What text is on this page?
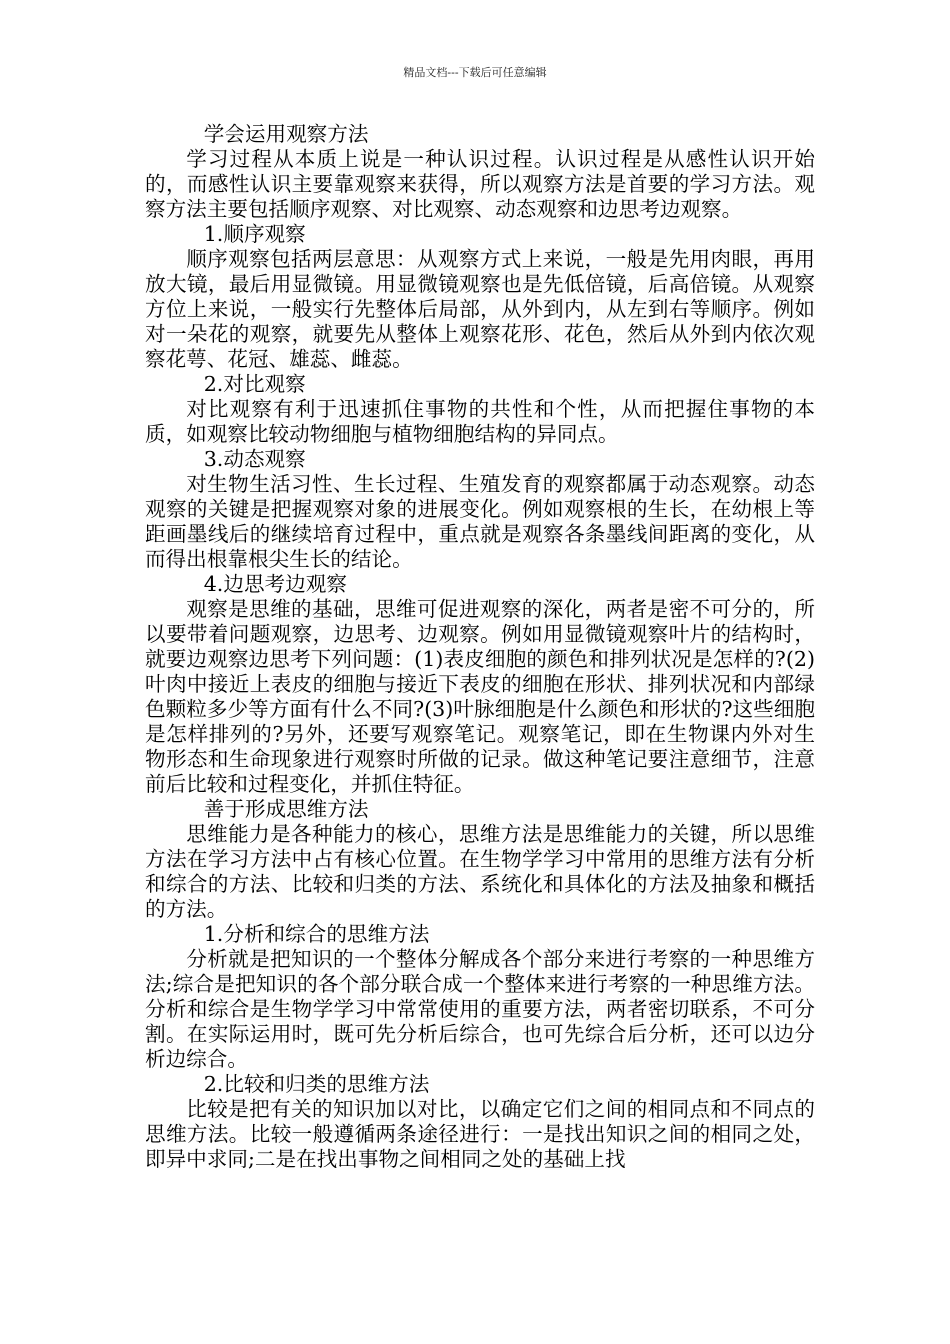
精品文档---下载后可任意编辑

学会运用观察方法

学习过程从本质上说是一种认识过程。认识过程是从感性认识开始的，而感性认识主要靠观察来获得，所以观察方法是首要的学习方法。观察方法主要包括顺序观察、对比观察、动态观察和边思考边观察。

1.顺序观察

顺序观察包括两层意思：从观察方式上来说，一般是先用肉眼，再用放大镜，最后用显微镜。用显微镜观察也是先低倍镜，后高倍镜。从观察方位上来说，一般实行先整体后局部，从外到内，从左到右等顺序。例如对一朵花的观察，就要先从整体上观察花形、花色，然后从外到内依次观察花萼、花冠、雄蕊、雌蕊。

2.对比观察

对比观察有利于迅速抓住事物的共性和个性，从而把握住事物的本质，如观察比较动物细胞与植物细胞结构的异同点。

3.动态观察

对生物生活习性、生长过程、生殖发育的观察都属于动态观察。动态观察的关键是把握观察对象的进展变化。例如观察根的生长，在幼根上等距画墨线后的继续培育过程中，重点就是观察各条墨线间距离的变化，从而得出根靠根尖生长的结论。

4.边思考边观察

观察是思维的基础，思维可促进观察的深化，两者是密不可分的，所以要带着问题观察，边思考、边观察。例如用显微镜观察叶片的结构时，就要边观察边思考下列问题：(1)表皮细胞的颜色和排列状况是怎样的?(2)叶肉中接近上表皮的细胞与接近下表皮的细胞在形状、排列状况和内部绿色颗粒多少等方面有什么不同?(3)叶脉细胞是什么颜色和形状的?这些细胞是怎样排列的?另外，还要写观察笔记。观察笔记，即在生物课内外对生物形态和生命现象进行观察时所做的记录。做这种笔记要注意细节，注意前后比较和过程变化，并抓住特征。

善于形成思维方法

思维能力是各种能力的核心，思维方法是思维能力的关键，所以思维方法在学习方法中占有核心位置。在生物学学习中常用的思维方法有分析和综合的方法、比较和归类的方法、系统化和具体化的方法及抽象和概括的方法。

1.分析和综合的思维方法

分析就是把知识的一个整体分解成各个部分来进行考察的一种思维方法;综合是把知识的各个部分联合成一个整体来进行考察的一种思维方法。分析和综合是生物学学习中常常使用的重要方法，两者密切联系，不可分割。在实际运用时，既可先分析后综合，也可先综合后分析，还可以边分析边综合。

2.比较和归类的思维方法

比较是把有关的知识加以对比，以确定它们之间的相同点和不同点的思维方法。比较一般遵循两条途径进行：一是找出知识之间的相同之处，即异中求同;二是在找出事物之间相同之处的基础上找
